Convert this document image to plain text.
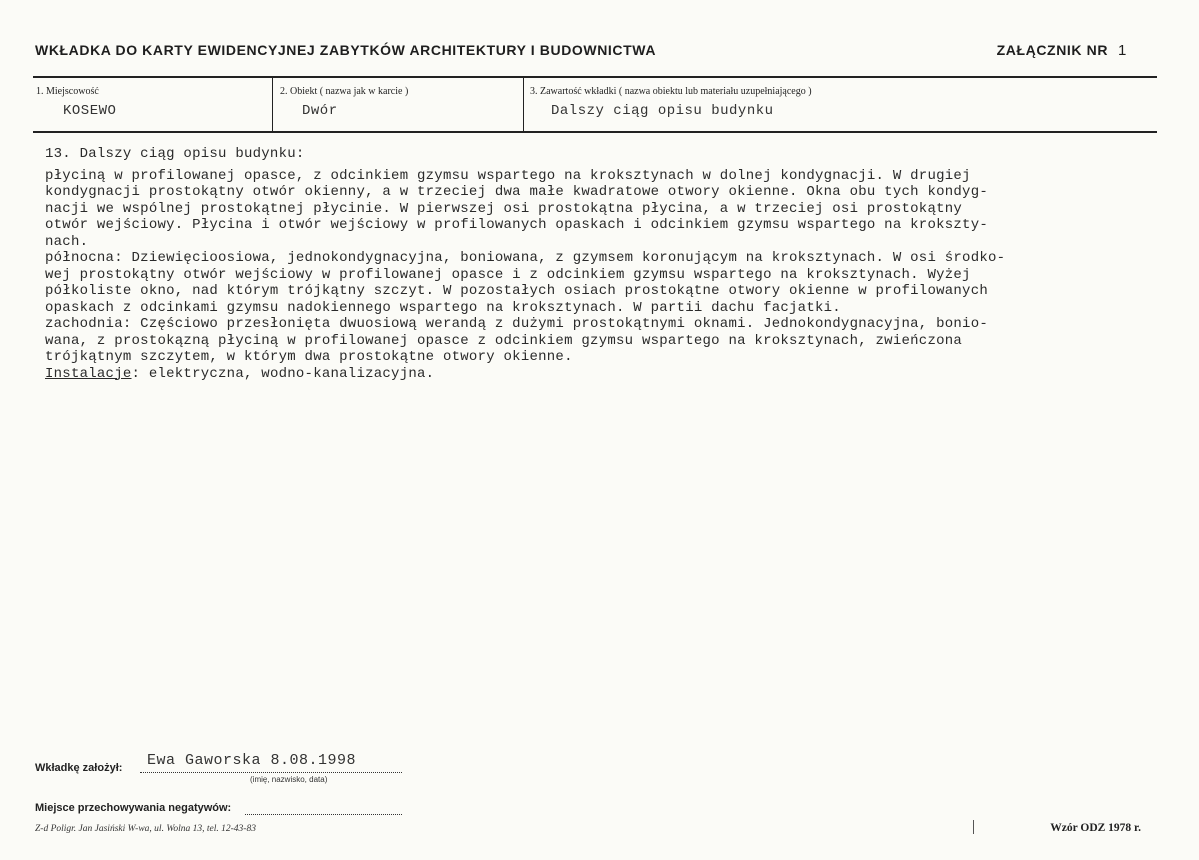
WKŁADKA DO KARTY EWIDENCYJNEJ ZABYTKÓW ARCHITEKTURY I BUDOWNICTWA	ZAŁĄCZNIK NR 1
1. Miejscowość
KOSEWO
2. Obiekt ( nazwa jak w karcie )
Dwór
3. Zawartość wkładki ( nazwa obiektu lub materiału uzupełniającego )
Dalszy ciąg opisu budynku
13. Dalszy ciąg opisu budynku:
płyciną w profilowanej opasce, z odcinkiem gzymsu wspartego na kroksztynach w dolnej kondygnacji. W drugiej
kondygnacji prostokątny otwór okienny, a w trzeciej dwa małe kwadratowe otwory okienne. Okna obu tych kondyg-
nacji we wspólnej prostokątnej płycinie. W pierwszej osi prostokątna płycina, a w trzeciej osi prostokątny
otwór wejściowy. Płycina i otwór wejściowy w profilowanych opaskach i odcinkiem gzymsu wspartego na kroksztу-
nach.
północna: Dziewięcioosiowa, jednokondygnacyjna, boniowana, z gzymsem koronującym na kroksztynach. W osi środko-
wej prostokątny otwór wejściowy w profilowanej opasce i z odcinkiem gzymsu wspartego na kroksztynach. Wyżej
półkoliste okno, nad którym trójkątny szczyt. W pozostałych osiach prostokątne otwory okienne w profilowanych
opaskach z odcinkami gzymsu nadokiennego wspartego na kroksztynach. W partii dachu facjatki.
zachodnia: Częściowo przesłonięta dwuosiową werandą z dużymi prostokątnymi oknami. Jednokondygnacyjna, bonio-
wana, z prostokązną płyciną w profilowanej opasce z odcinkiem gzymsu wspartego na kroksztynach, zwieńczona
trójkątnym szczytem, w którym dwa prostokątne otwory okienne.
Instalacje: elektryczna, wodno-kanalizacyjna.
Wkładkę założył: Ewa Gaworska 8.08.1998
(imię, nazwisko, data)
Miejsce przechowywania negatywów:
Z-d Poligr. Jan Jasiński W-wa, ul. Wolna 13, tel. 12-43-83	Wzór ODZ 1978 r.
